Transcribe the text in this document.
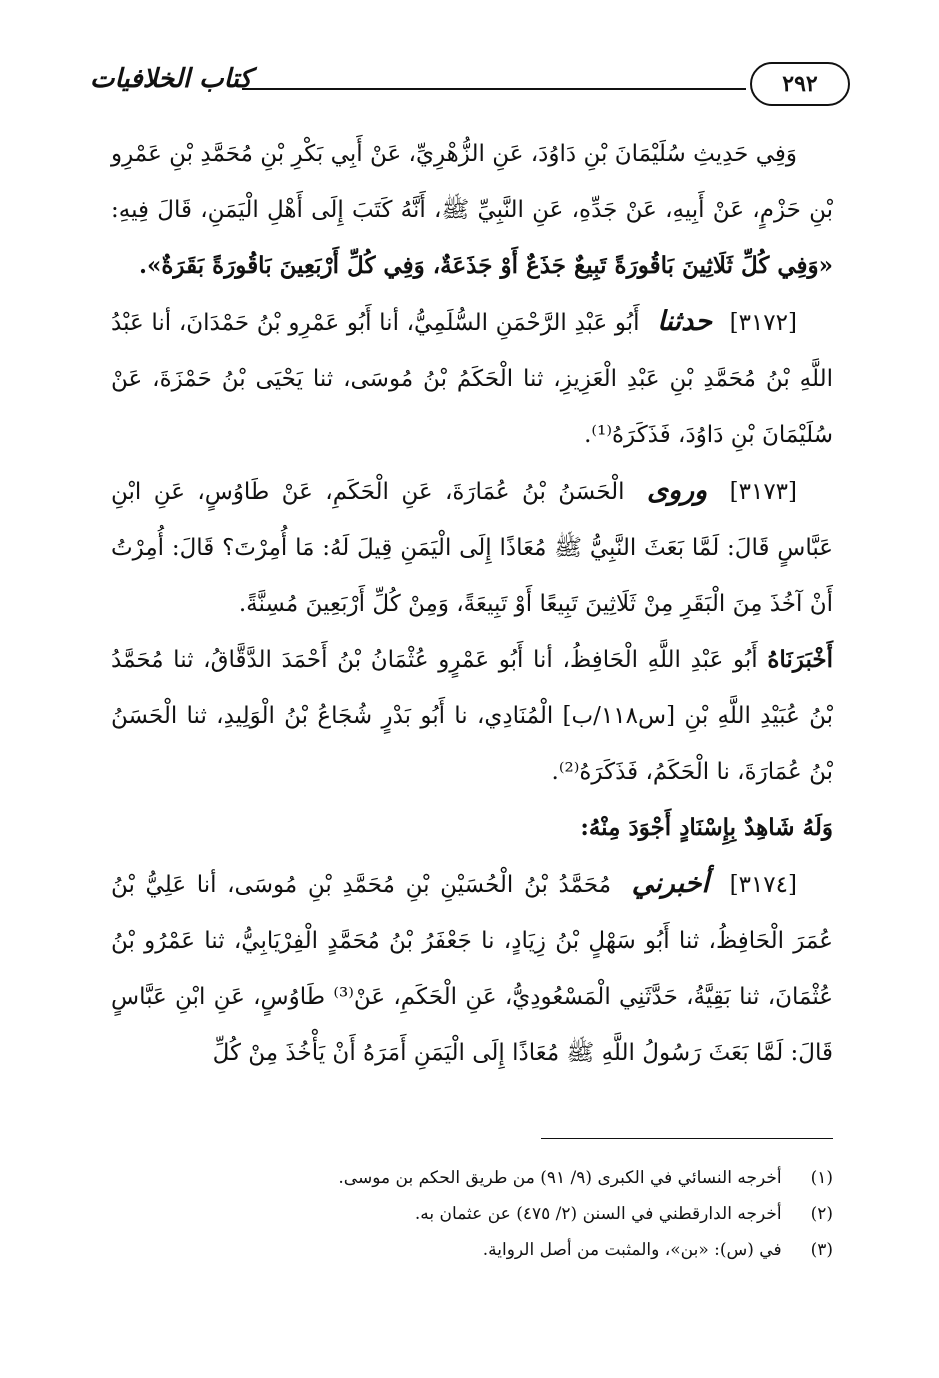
٢٩٢
كتاب الخلافيات

وَفِي حَدِيثِ سُلَيْمَانَ بْنِ دَاوُدَ، عَنِ الزُّهْرِيِّ، عَنْ أَبِي بَكْرِ بْنِ مُحَمَّدِ بْنِ عَمْرِو بْنِ حَزْمٍ، عَنْ أَبِيهِ، عَنْ جَدِّهِ، عَنِ النَّبِيِّ ﷺ، أَنَّهُ كَتَبَ إِلَى أَهْلِ الْيَمَنِ، قَالَ فِيهِ: «وَفِي كُلِّ ثَلَاثِينَ بَاقُورَةً تَبِيعٌ جَذَعٌ أَوْ جَذَعَةٌ، وَفِي كُلِّ أَرْبَعِينَ بَاقُورَةً بَقَرَةٌ».

[٣١٧٢] حدثنا أَبُو عَبْدِ الرَّحْمَنِ السُّلَمِيُّ، أنا أَبُو عَمْرِو بْنُ حَمْدَانَ، أنا عَبْدُ اللَّهِ بْنُ مُحَمَّدِ بْنِ عَبْدِ الْعَزِيزِ، ثنا الْحَكَمُ بْنُ مُوسَى، ثنا يَحْيَى بْنُ حَمْزَةَ، عَنْ سُلَيْمَانَ بْنِ دَاوُدَ، فَذَكَرَهُ⁽¹⁾.

[٣١٧٣] وروى الْحَسَنُ بْنُ عُمَارَةَ، عَنِ الْحَكَمِ، عَنْ طَاوُسٍ، عَنِ ابْنِ عَبَّاسٍ قَالَ: لَمَّا بَعَثَ النَّبِيُّ ﷺ مُعَاذًا إِلَى الْيَمَنِ قِيلَ لَهُ: مَا أُمِرْتَ؟ قَالَ: أُمِرْتُ أَنْ آخُذَ مِنَ الْبَقَرِ مِنْ ثَلَاثِينَ تَبِيعًا أَوْ تَبِيعَةً، وَمِنْ كُلِّ أَرْبَعِينَ مُسِنَّةً.

أَخْبَرَنَاهُ أَبُو عَبْدِ اللَّهِ الْحَافِظُ، أنا أَبُو عَمْرٍو عُثْمَانُ بْنُ أَحْمَدَ الدَّقَّاقُ، ثنا مُحَمَّدُ بْنُ عُبَيْدِ اللَّهِ بْنِ [س١١٨/ب] الْمُنَادِي، نا أَبُو بَدْرٍ شُجَاعُ بْنُ الْوَلِيدِ، ثنا الْحَسَنُ بْنُ عُمَارَةَ، نا الْحَكَمُ، فَذَكَرَهُ⁽²⁾.

وَلَهُ شَاهِدٌ بِإِسْنَادٍ أَجْوَدَ مِنْهُ:

[٣١٧٤] أخبرني مُحَمَّدُ بْنُ الْحُسَيْنِ بْنِ مُحَمَّدِ بْنِ مُوسَى، أنا عَلِيُّ بْنُ عُمَرَ الْحَافِظُ، ثنا أَبُو سَهْلٍ بْنُ زِيَادٍ، نا جَعْفَرُ بْنُ مُحَمَّدٍ الْفِرْيَابِيُّ، ثنا عَمْرُو بْنُ عُثْمَانَ، ثنا بَقِيَّةُ، حَدَّثَنِي الْمَسْعُودِيُّ، عَنِ الْحَكَمِ، عَنْ⁽³⁾ طَاوُسٍ، عَنِ ابْنِ عَبَّاسٍ قَالَ: لَمَّا بَعَثَ رَسُولُ اللَّهِ ﷺ مُعَاذًا إِلَى الْيَمَنِ أَمَرَهُ أَنْ يَأْخُذَ مِنْ كُلِّ

(١) أخرجه النسائي في الكبرى (٩/ ٩١) من طريق الحكم بن موسى.

(٢) أخرجه الدارقطني في السنن (٢/ ٤٧٥) عن عثمان به.

(٣) في (س): «بن»، والمثبت من أصل الرواية.
